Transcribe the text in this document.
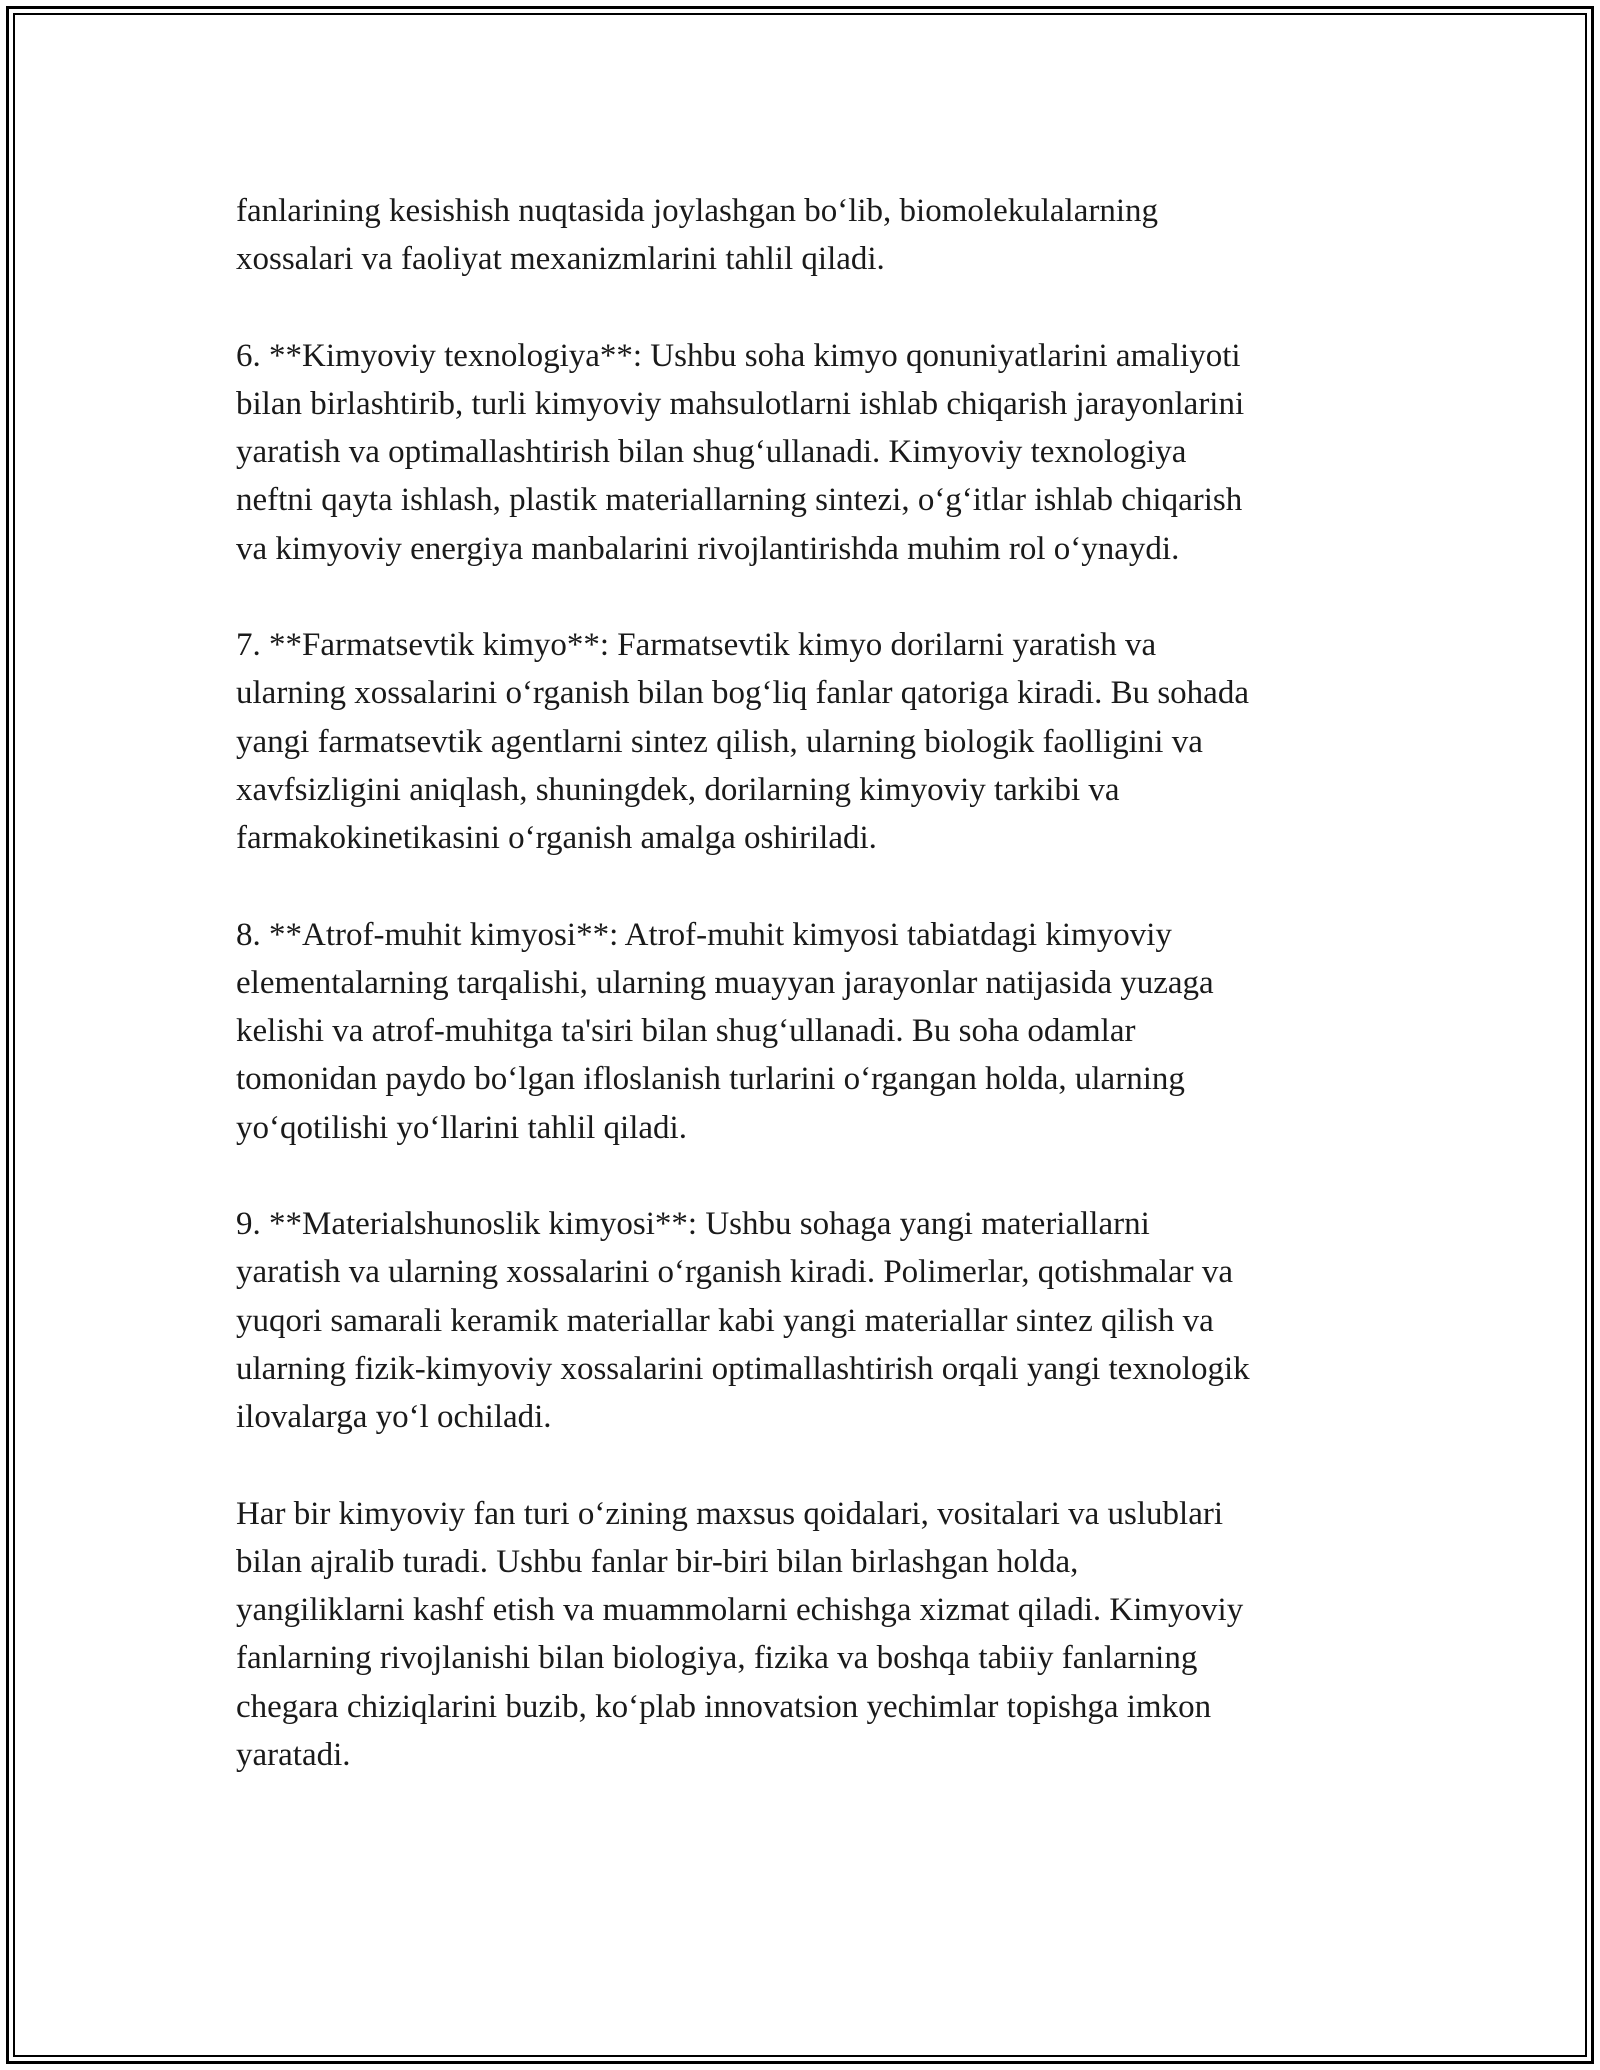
fanlarining kesishish nuqtasida joylashgan bo‘lib, biomolekulalarning
xossalari va faoliyat mexanizmlarini tahlil qiladi.
6. **Kimyoviy texnologiya**: Ushbu soha kimyo qonuniyatlarini amaliyoti
bilan birlashtirib, turli kimyoviy mahsulotlarni ishlab chiqarish jarayonlarini
yaratish va optimallashtirish bilan shug‘ullanadi. Kimyoviy texnologiya
neftni qayta ishlash, plastik materiallarning sintezi, o‘g‘itlar ishlab chiqarish
va kimyoviy energiya manbalarini rivojlantirishda muhim rol o‘ynaydi.
7. **Farmatsevtik kimyo**: Farmatsevtik kimyo dorilarni yaratish va
ularning xossalarini o‘rganish bilan bog‘liq fanlar qatoriga kiradi. Bu sohada
yangi farmatsevtik agentlarni sintez qilish, ularning biologik faolligini va
xavfsizligini aniqlash, shuningdek, dorilarning kimyoviy tarkibi va
farmakokinetikasini o‘rganish amalga oshiriladi.
8. **Atrof-muhit kimyosi**: Atrof-muhit kimyosi tabiatdagi kimyoviy
elementalarning tarqalishi, ularning muayyan jarayonlar natijasida yuzaga
kelishi va atrof-muhitga ta'siri bilan shug‘ullanadi. Bu soha odamlar
tomonidan paydo bo‘lgan ifloslanish turlarini o‘rgangan holda, ularning
yo‘qotilishi yo‘llarini tahlil qiladi.
9. **Materialshunoslik kimyosi**: Ushbu sohaga yangi materiallarni
yaratish va ularning xossalarini o‘rganish kiradi. Polimerlar, qotishmalar va
yuqori samarali keramik materiallar kabi yangi materiallar sintez qilish va
ularning fizik-kimyoviy xossalarini optimallashtirish orqali yangi texnologik
ilovalarga yo‘l ochiladi.
Har bir kimyoviy fan turi o‘zining maxsus qoidalari, vositalari va uslublari
bilan ajralib turadi. Ushbu fanlar bir-biri bilan birlashgan holda,
yangiliklarni kashf etish va muammolarni echishga xizmat qiladi. Kimyoviy
fanlarning rivojlanishi bilan biologiya, fizika va boshqa tabiiy fanlarning
chegara chiziqlarini buzib, ko‘plab innovatsion yechimlar topishga imkon
yaratadi.
